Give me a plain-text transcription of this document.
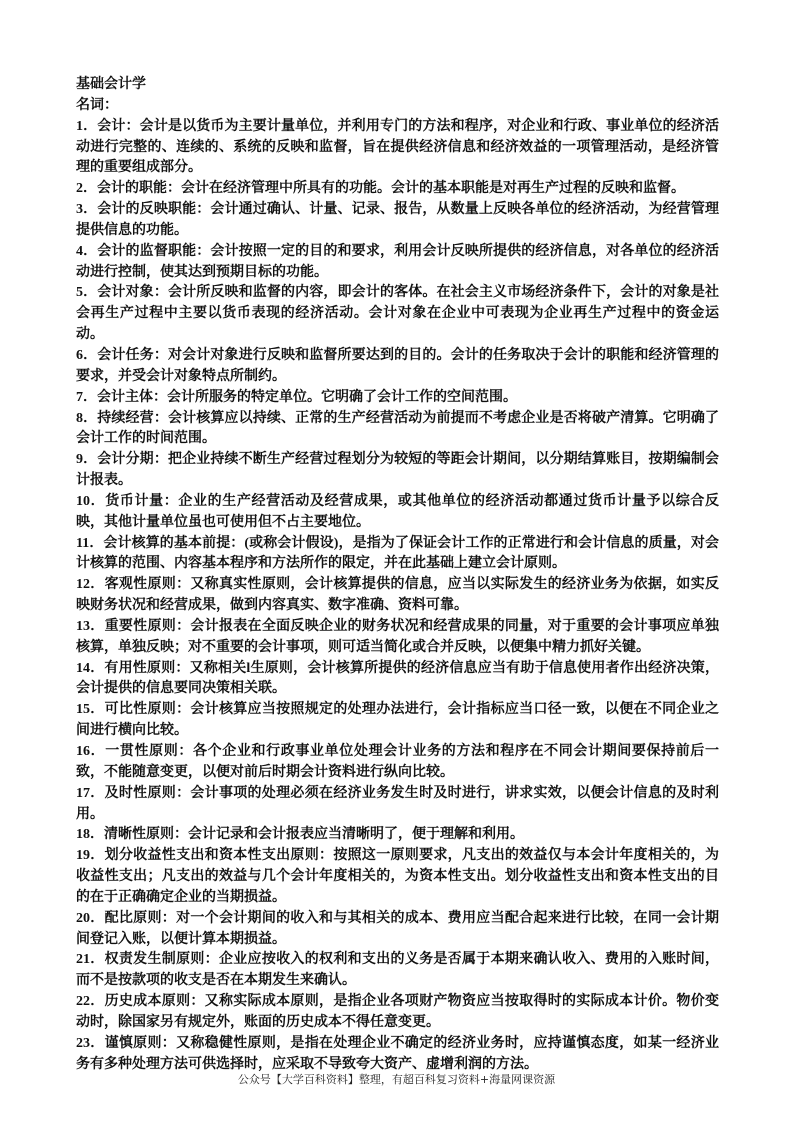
基础会计学

名词：

1．会计：会计是以货币为主要计量单位，并利用专门的方法和程序，对企业和行政、事业单位的经济活动进行完整的、连续的、系统的反映和监督，旨在提供经济信息和经济效益的一项管理活动，是经济管理的重要组成部分。

2．会计的职能：会计在经济管理中所具有的功能。会计的基本职能是对再生产过程的反映和监督。

3．会计的反映职能：会计通过确认、计量、记录、报告，从数量上反映各单位的经济活动，为经营管理提供信息的功能。

4．会计的监督职能：会计按照一定的目的和要求，利用会计反映所提供的经济信息，对各单位的经济活动进行控制，使其达到预期目标的功能。

5．会计对象：会计所反映和监督的内容，即会计的客体。在社会主义市场经济条件下，会计的对象是社会再生产过程中主要以货币表现的经济活动。会计对象在企业中可表现为企业再生产过程中的资金运动。

6．会计任务：对会计对象进行反映和监督所要达到的目的。会计的任务取决于会计的职能和经济管理的要求，并受会计对象特点所制约。

7．会计主体：会计所服务的特定单位。它明确了会计工作的空间范围。

8．持续经营：会计核算应以持续、正常的生产经营活动为前提而不考虑企业是否将破产清算。它明确了会计工作的时间范围。

9．会计分期：把企业持续不断生产经营过程划分为较短的等距会计期间，以分期结算账目，按期编制会计报表。

10．货币计量：企业的生产经营活动及经营成果，或其他单位的经济活动都通过货币计量予以综合反映，其他计量单位虽也可使用但不占主要地位。

11．会计核算的基本前提：(或称会计假设)，是指为了保证会计工作的正常进行和会计信息的质量，对会计核算的范围、内容基本程序和方法所作的限定，并在此基础上建立会计原则。

12．客观性原则：又称真实性原则，会计核算提供的信息，应当以实际发生的经济业务为依据，如实反映财务状况和经营成果，做到内容真实、数字准确、资料可靠。

13．重要性原则：会计报表在全面反映企业的财务状况和经营成果的同量，对于重要的会计事项应单独核算，单独反映；对不重要的会计事项，则可适当简化或合并反映，以便集中精力抓好关键。

14．有用性原则：又称相关l生原则，会计核算所提供的经济信息应当有助于信息使用者作出经济决策，会计提供的信息要同决策相关联。

15．可比性原则：会计核算应当按照规定的处理办法进行，会计指标应当口径一致，以便在不同企业之间进行横向比较。

16．一贯性原则：各个企业和行政事业单位处理会计业务的方法和程序在不同会计期间要保持前后一致，不能随意变更，以便对前后时期会计资料进行纵向比较。

17．及时性原则：会计事项的处理必须在经济业务发生时及时进行，讲求实效，以便会计信息的及时利用。

18．清晰性原则：会计记录和会计报表应当清晰明了，便于理解和利用。

19．划分收益性支出和资本性支出原则：按照这一原则要求，凡支出的效益仅与本会计年度相关的，为收益性支出；凡支出的效益与几个会计年度相关的，为资本性支出。划分收益性支出和资本性支出的目的在于正确确定企业的当期损益。

20．配比原则：对一个会计期间的收入和与其相关的成本、费用应当配合起来进行比较，在同一会计期间登记入账，以便计算本期损益。

21．权责发生制原则：企业应按收入的权利和支出的义务是否属于本期来确认收入、费用的入账时间，而不是按款项的收支是否在本期发生来确认。

22．历史成本原则：又称实际成本原则，是指企业各项财产物资应当按取得时的实际成本计价。物价变动时，除国家另有规定外，账面的历史成本不得任意变更。

23．谨慎原则：又称稳健性原则，是指在处理企业不确定的经济业务时，应持谨慎态度，如某一经济业务有多种处理方法可供选择时，应采取不导致夸大资产、虚增利润的方法。

公众号【大学百科资料】整理，有超百科复习资料+海量网课资源
